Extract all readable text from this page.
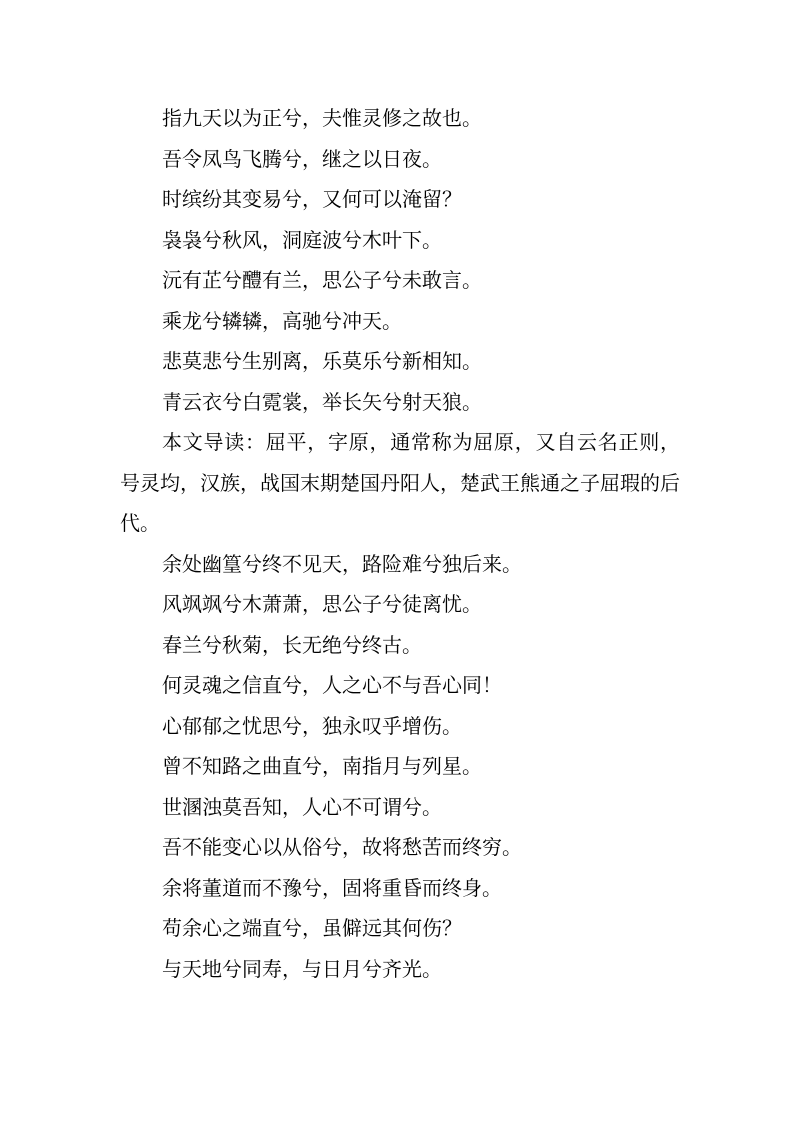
指九天以为正兮，夫惟灵修之故也。

吾令凤鸟飞腾兮，继之以日夜。

时缤纷其变易兮，又何可以淹留？

袅袅兮秋风，洞庭波兮木叶下。

沅有芷兮醴有兰，思公子兮未敢言。

乘龙兮辚辚，高驰兮冲天。

悲莫悲兮生别离，乐莫乐兮新相知。

青云衣兮白霓裳，举长矢兮射天狼。

本文导读：屈平，字原，通常称为屈原，又自云名正则，号灵均，汉族，战国末期楚国丹阳人，楚武王熊通之子屈瑕的后代。

余处幽篁兮终不见天，路险难兮独后来。

风飒飒兮木萧萧，思公子兮徒离忧。

春兰兮秋菊，长无绝兮终古。

何灵魂之信直兮，人之心不与吾心同！

心郁郁之忧思兮，独永叹乎增伤。

曾不知路之曲直兮，南指月与列星。

世溷浊莫吾知，人心不可谓兮。

吾不能变心以从俗兮，故将愁苦而终穷。

余将董道而不豫兮，固将重昏而终身。

苟余心之端直兮，虽僻远其何伤？

与天地兮同寿，与日月兮齐光。
